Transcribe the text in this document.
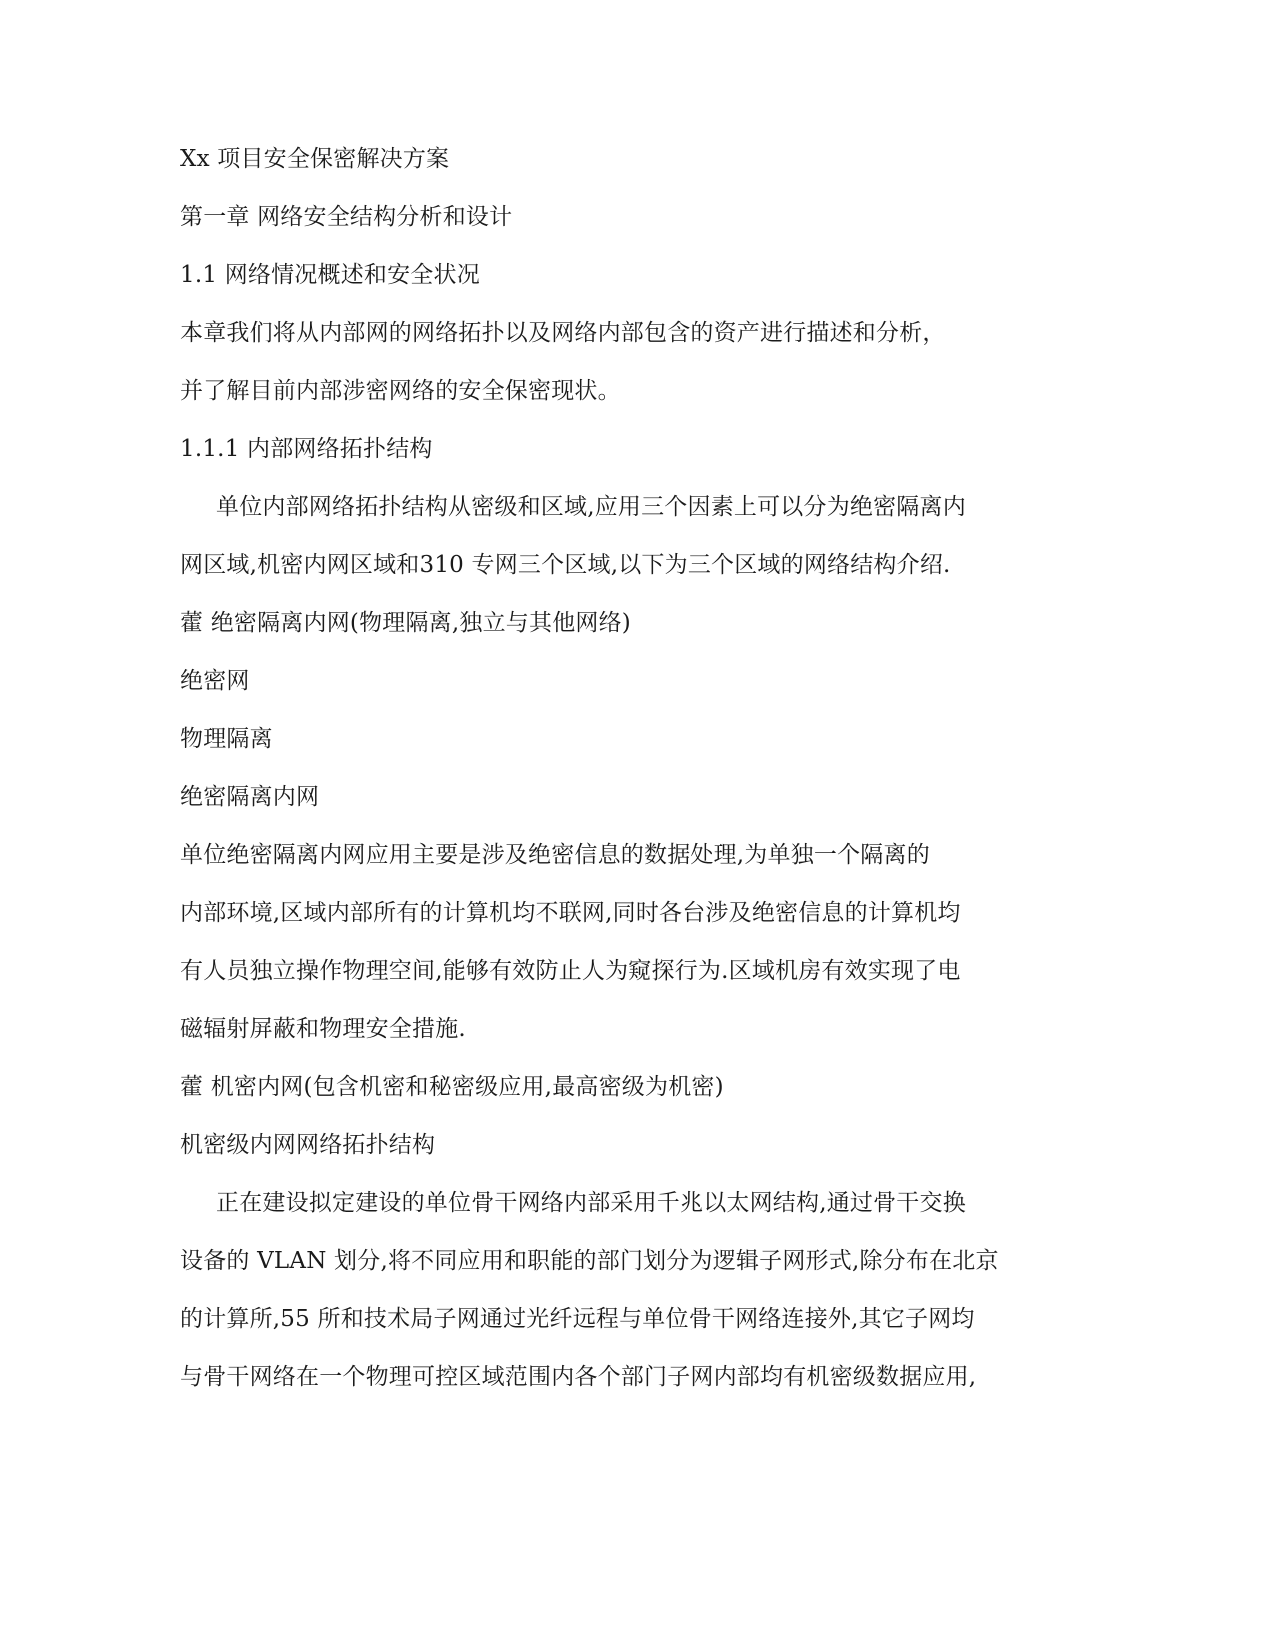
Xx 项目安全保密解决方案
第一章 网络安全结构分析和设计
1.1 网络情况概述和安全状况
本章我们将从内部网的网络拓扑以及网络内部包含的资产进行描述和分析，
并了解目前内部涉密网络的安全保密现状。
1.1.1 内部网络拓扑结构
单位内部网络拓扑结构从密级和区域,应用三个因素上可以分为绝密隔离内
网区域,机密内网区域和310 专网三个区域,以下为三个区域的网络结构介绍.
藿 绝密隔离内网(物理隔离,独立与其他网络)
绝密网
物理隔离
绝密隔离内网
单位绝密隔离内网应用主要是涉及绝密信息的数据处理,为单独一个隔离的
内部环境,区域内部所有的计算机均不联网,同时各台涉及绝密信息的计算机均
有人员独立操作物理空间,能够有效防止人为窥探行为.区域机房有效实现了电
磁辐射屏蔽和物理安全措施.
藿 机密内网(包含机密和秘密级应用,最高密级为机密)
机密级内网网络拓扑结构
正在建设拟定建设的单位骨干网络内部采用千兆以太网结构,通过骨干交换
设备的 VLAN 划分,将不同应用和职能的部门划分为逻辑子网形式,除分布在北京
的计算所,55 所和技术局子网通过光纤远程与单位骨干网络连接外,其它子网均
与骨干网络在一个物理可控区域范围内各个部门子网内部均有机密级数据应用,
